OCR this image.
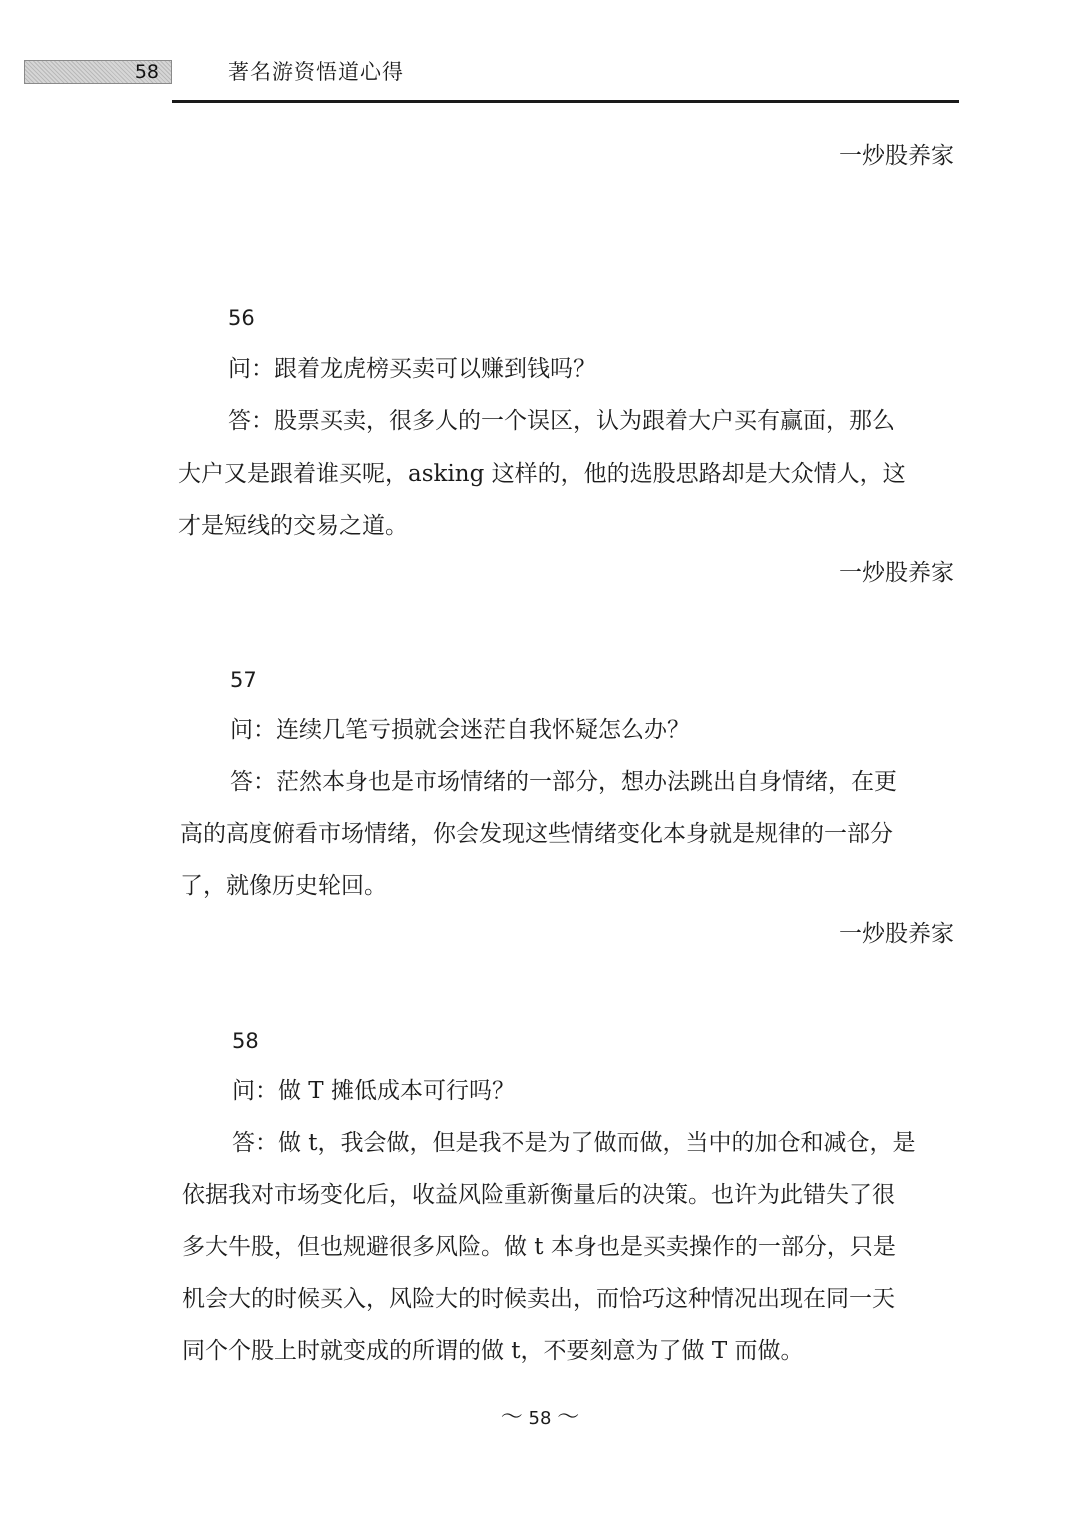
58	著名游资悟道心得
一炒股养家
56
问：跟着龙虎榜买卖可以赚到钱吗？
答：股票买卖，很多人的一个误区，认为跟着大户买有赢面，那么
大户又是跟着谁买呢，asking 这样的，他的选股思路却是大众情人，这
才是短线的交易之道。
一炒股养家
57
问：连续几笔亏损就会迷茫自我怀疑怎么办？
答：茫然本身也是市场情绪的一部分，想办法跳出自身情绪，在更
高的高度俯看市场情绪，你会发现这些情绪变化本身就是规律的一部分
了，就像历史轮回。
一炒股养家
58
问：做 T 摊低成本可行吗？
答：做 t，我会做，但是我不是为了做而做，当中的加仓和减仓，是
依据我对市场变化后，收益风险重新衡量后的决策。也许为此错失了很
多大牛股，但也规避很多风险。做 t 本身也是买卖操作的一部分，只是
机会大的时候买入，风险大的时候卖出，而恰巧这种情况出现在同一天
同个个股上时就变成的所谓的做 t，不要刻意为了做 T 而做。
～ 58 ～
